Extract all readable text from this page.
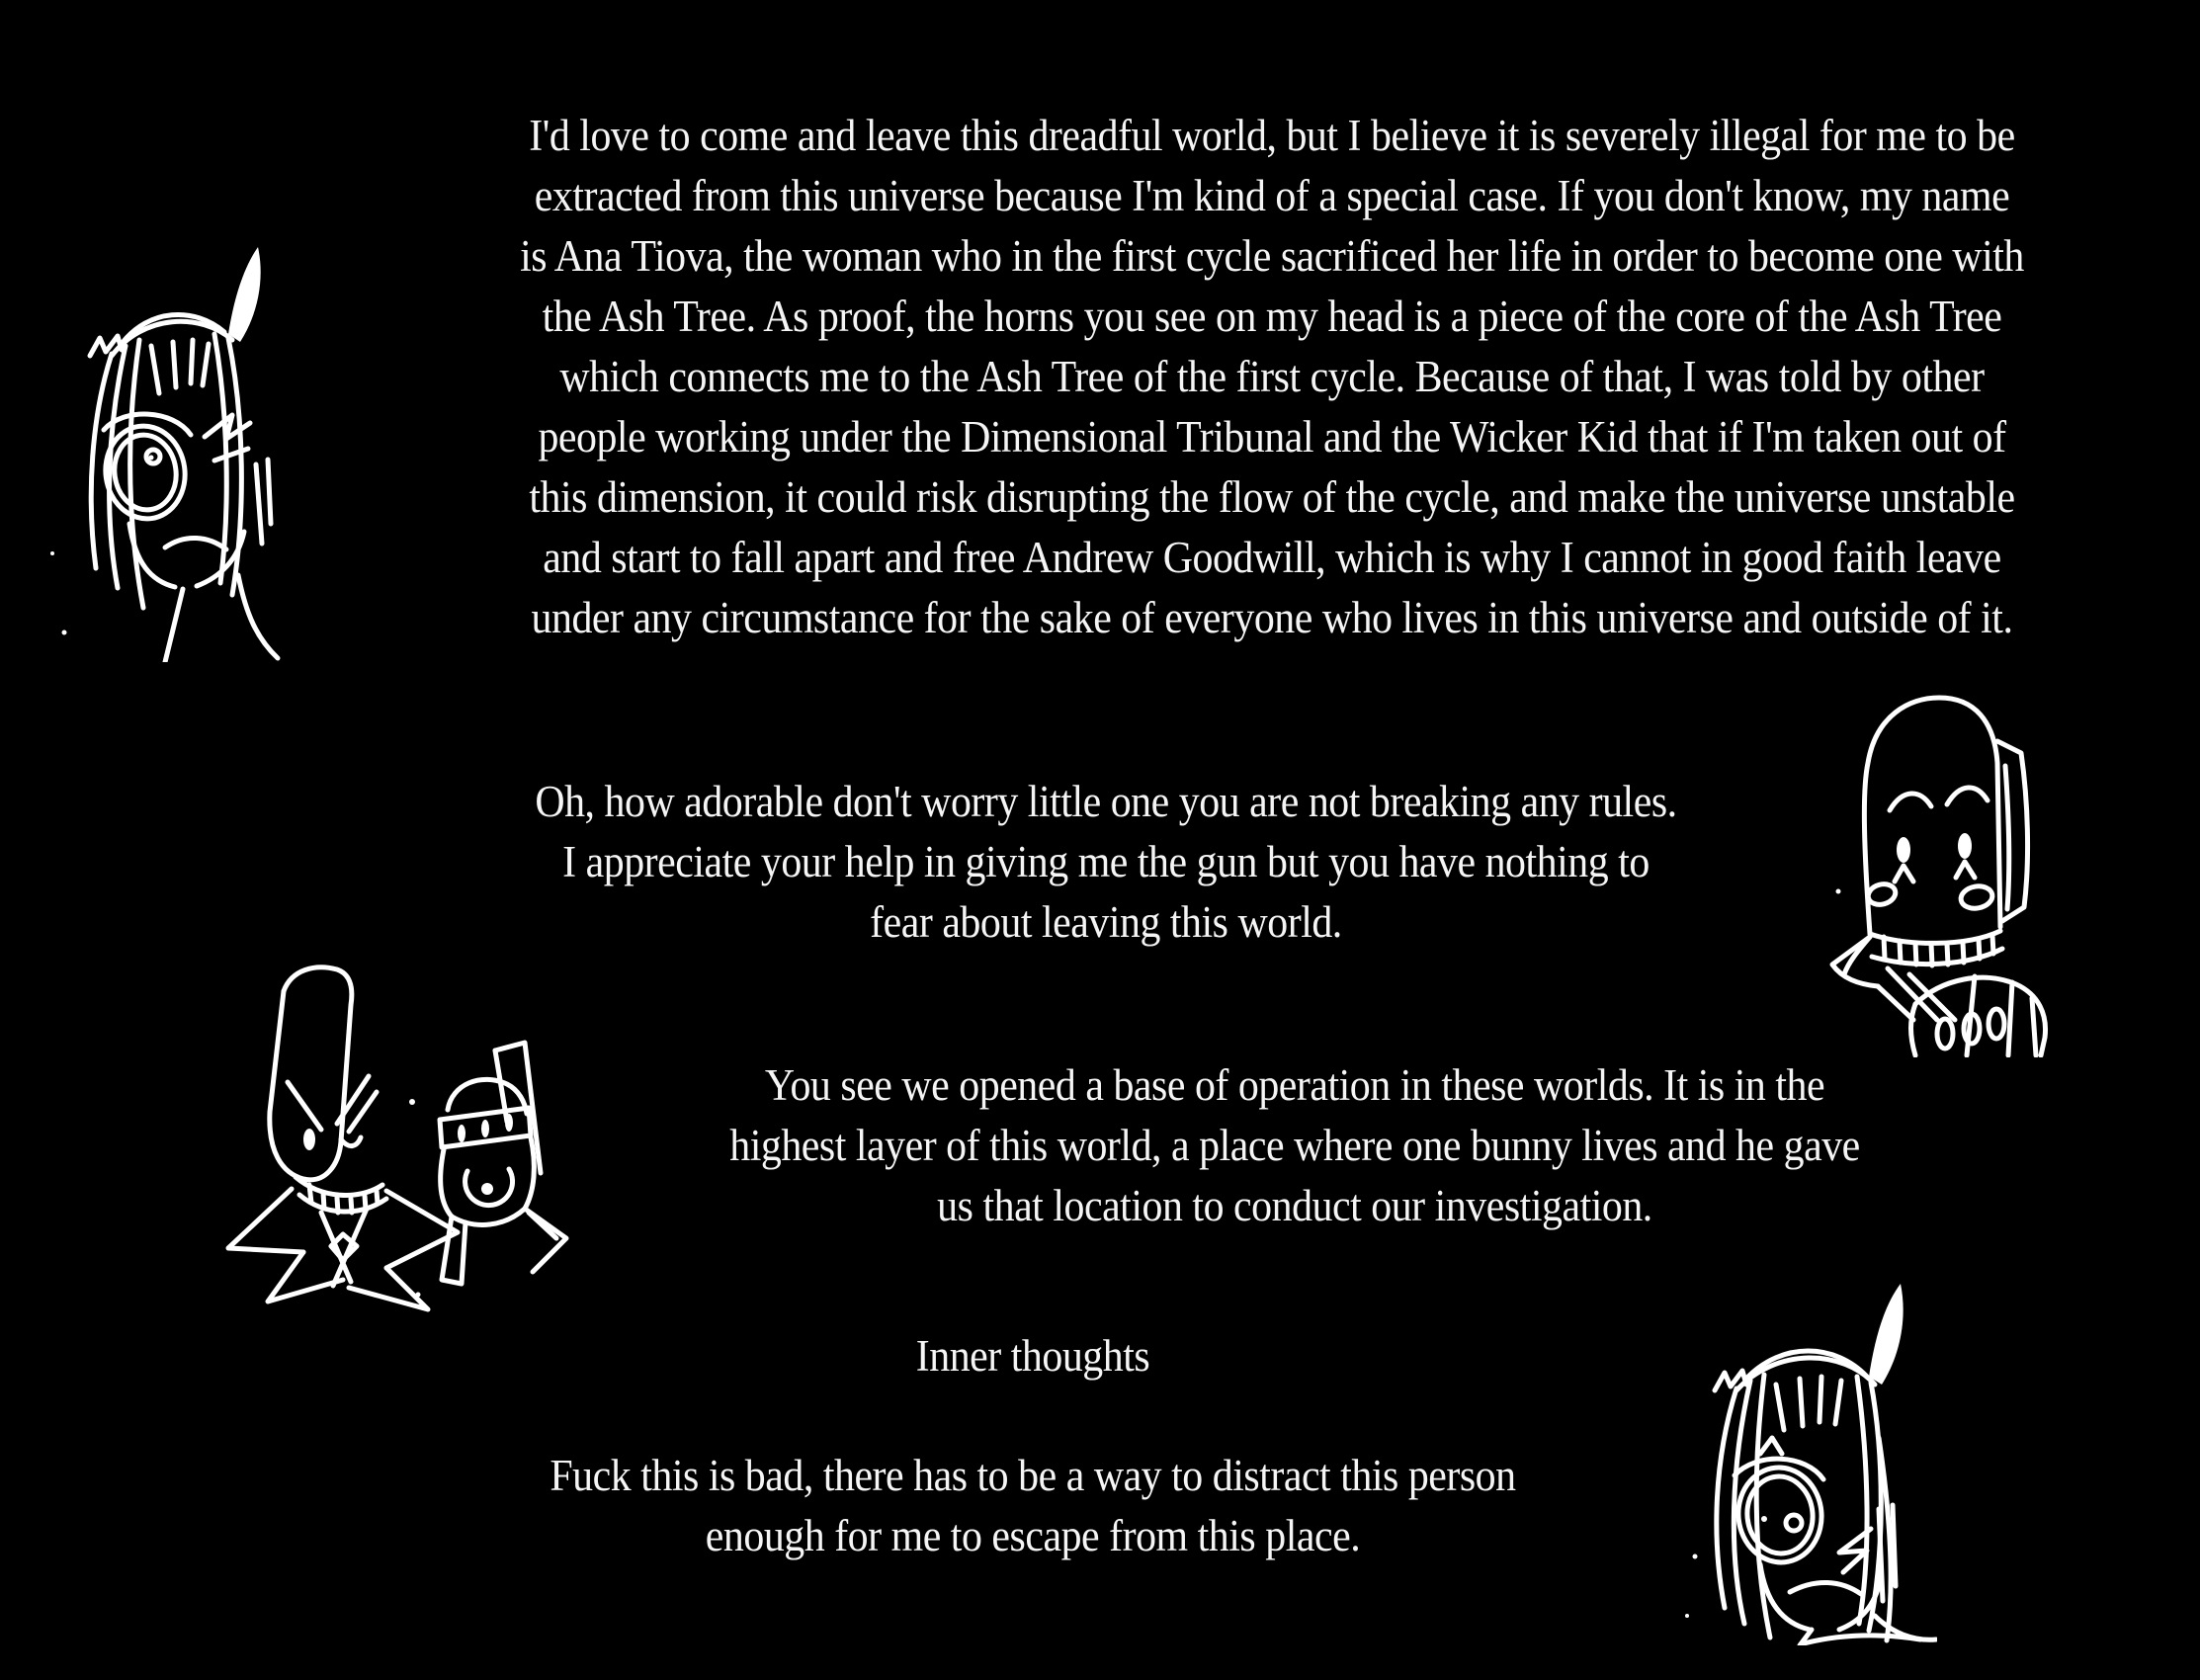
I'd love to come and leave this dreadful world, but I believe it is severely illegal for me to be
extracted from this universe because I'm kind of a special case. If you don't know, my name
is Ana Tiova, the woman who in the first cycle sacrificed her life in order to become one with
the Ash Tree. As proof, the horns you see on my head is a piece of the core of the Ash Tree
which connects me to the Ash Tree of the first cycle. Because of that, I was told by other
people working under the Dimensional Tribunal and the Wicker Kid that if I'm taken out of
this dimension, it could risk disrupting the flow of the cycle, and make the universe unstable
and start to fall apart and free Andrew Goodwill, which is why I cannot in good faith leave
under any circumstance for the sake of everyone who lives in this universe and outside of it.
Oh, how adorable don't worry little one you are not breaking any rules.
I appreciate your help in giving me the gun but you have nothing to
fear about leaving this world.
You see we opened a base of operation in these worlds. It is in the
highest layer of this world, a place where one bunny lives and he gave
us that location to conduct our investigation.
Inner thoughts
Fuck this is bad, there has to be a way to distract this person
enough for me to escape from this place.
